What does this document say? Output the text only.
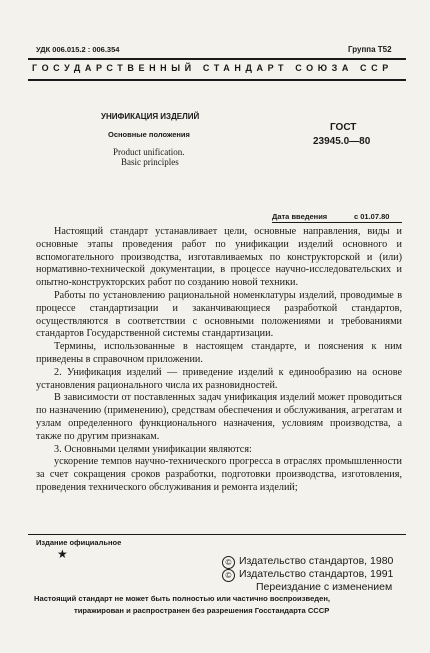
УДК 006.015.2 : 006.354	Группа Т52
ГОСУДАРСТВЕННЫЙ СТАНДАРТ СОЮЗА ССР
УНИФИКАЦИЯ ИЗДЕЛИЙ
Основные положения
ГОСТ
23945.0—80
Product unification.
Basic principles
Дата введения	с 01.07.80

Настоящий стандарт устанавливает цели, основные направления, виды и основные этапы проведения работ по унификации изделий основного и вспомогательного производства, изготавливаемых по конструкторской и (или) нормативно-технической документации, в процессе научно-исследовательских и опытно-конструкторских работ по созданию новой техники.

Работы по установлению рациональной номенклатуры изделий, проводимые в процессе стандартизации и заканчивающиеся разработкой стандартов, осуществляются в соответствии с основными положениями и требованиями стандартов Государственной системы стандартизации.

Термины, использованные в настоящем стандарте, и пояснения к ним приведены в справочном приложении.

2. Унификация изделий — приведение изделий к единообразию на основе установления рационального числа их разновидностей.

В зависимости от поставленных задач унификация изделий может проводиться по назначению (применению), средствам обеспечения и обслуживания, агрегатам и узлам определенного функционального назначения, условиям производства, а также по другим признакам.

3. Основными целями унификации являются:

ускорение темпов научно-технического прогресса в отраслях промышленности за счет сокращения сроков разработки, подготовки производства, изготовления, проведения технического обслуживания и ремонта изделий;

Издание официальное
★
© Издательство стандартов, 1980
© Издательство стандартов, 1991
Переиздание с изменением
Настоящий стандарт не может быть полностью или частично воспроизведен,
тиражирован и распространен без разрешения Госстандарта СССР
